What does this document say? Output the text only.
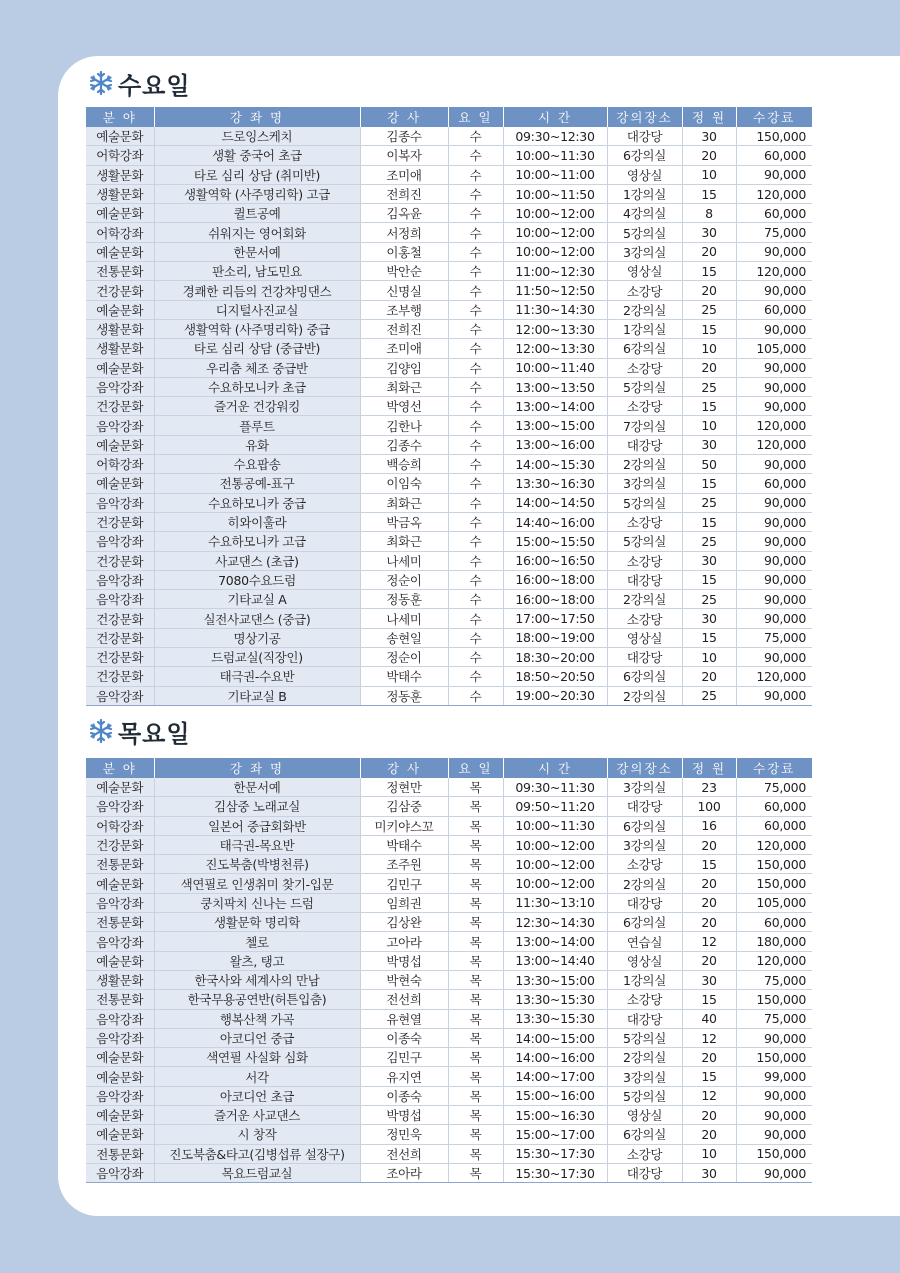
수요일
분 야	강 좌 명	강 사	요 일	시 간	강의장소	정 원	수강료
예술문화	드로잉스케치	김종수	수	09:30~12:30	대강당	30	150,000
어학강좌	생활 중국어 초급	이복자	수	10:00~11:30	6강의실	20	60,000
생활문화	타로 심리 상담 (취미반)	조미애	수	10:00~11:00	영상실	10	90,000
생활문화	생활역학 (사주명리학) 고급	전희진	수	10:00~11:50	1강의실	15	120,000
예술문화	퀼트공예	김옥윤	수	10:00~12:00	4강의실	8	60,000
어학강좌	쉬워지는 영어회화	서정희	수	10:00~12:00	5강의실	30	75,000
예술문화	한문서예	이홍철	수	10:00~12:00	3강의실	20	90,000
전통문화	판소리, 남도민요	박안순	수	11:00~12:30	영상실	15	120,000
건강문화	경쾌한 리듬의 건강챠밍댄스	신명실	수	11:50~12:50	소강당	20	90,000
예술문화	디지털사진교실	조부행	수	11:30~14:30	2강의실	25	60,000
생활문화	생활역학 (사주명리학) 중급	전희진	수	12:00~13:30	1강의실	15	90,000
생활문화	타로 심리 상담 (중급반)	조미애	수	12:00~13:30	6강의실	10	105,000
예술문화	우리춤 체조 중급반	김양임	수	10:00~11:40	소강당	20	90,000
음악강좌	수요하모니카 초급	최화근	수	13:00~13:50	5강의실	25	90,000
건강문화	즐거운 건강워킹	박영선	수	13:00~14:00	소강당	15	90,000
음악강좌	플루트	김한나	수	13:00~15:00	7강의실	10	120,000
예술문화	유화	김종수	수	13:00~16:00	대강당	30	120,000
어학강좌	수요팝송	백승희	수	14:00~15:30	2강의실	50	90,000
예술문화	전통공예-표구	이임숙	수	13:30~16:30	3강의실	15	60,000
음악강좌	수요하모니카 중급	최화근	수	14:00~14:50	5강의실	25	90,000
건강문화	히와이훌라	박금옥	수	14:40~16:00	소강당	15	90,000
음악강좌	수요하모니카 고급	최화근	수	15:00~15:50	5강의실	25	90,000
건강문화	사교댄스 (초급)	나세미	수	16:00~16:50	소강당	30	90,000
음악강좌	7080수요드럼	정순이	수	16:00~18:00	대강당	15	90,000
음악강좌	기타교실 A	정동훈	수	16:00~18:00	2강의실	25	90,000
건강문화	실전사교댄스 (중급)	나세미	수	17:00~17:50	소강당	30	90,000
건강문화	명상기공	송현일	수	18:00~19:00	영상실	15	75,000
건강문화	드럼교실(직장인)	정순이	수	18:30~20:00	대강당	10	90,000
건강문화	태극권-수요반	박태수	수	18:50~20:50	6강의실	20	120,000
음악강좌	기타교실 B	정동훈	수	19:00~20:30	2강의실	25	90,000
목요일
분 야	강 좌 명	강 사	요 일	시 간	강의장소	정 원	수강료
예술문화	한문서예	정현만	목	09:30~11:30	3강의실	23	75,000
음악강좌	김삼중 노래교실	김삼중	목	09:50~11:20	대강당	100	60,000
어학강좌	일본어 중급회화반	미키야스꼬	목	10:00~11:30	6강의실	16	60,000
건강문화	태극권-목요반	박태수	목	10:00~12:00	3강의실	20	120,000
전통문화	진도북춤(박병천류)	조주원	목	10:00~12:00	소강당	15	150,000
예술문화	색연필로 인생취미 찾기-입문	김민구	목	10:00~12:00	2강의실	20	150,000
음악강좌	쿵치팍치 신나는 드럼	임희권	목	11:30~13:10	대강당	20	105,000
전통문화	생활문학 명리학	김상완	목	12:30~14:30	6강의실	20	60,000
음악강좌	첼로	고아라	목	13:00~14:00	연습실	12	180,000
예술문화	왈츠, 탱고	박명섭	목	13:00~14:40	영상실	20	120,000
생활문화	한국사와 세계사의 만남	박현숙	목	13:30~15:00	1강의실	30	75,000
전통문화	한국무용공연반(허튼입춤)	전선희	목	13:30~15:30	소강당	15	150,000
음악강좌	행복산책 가곡	유현열	목	13:30~15:30	대강당	40	75,000
음악강좌	아코디언 중급	이종숙	목	14:00~15:00	5강의실	12	90,000
예술문화	색연필 사실화 심화	김민구	목	14:00~16:00	2강의실	20	150,000
예술문화	서각	유지연	목	14:00~17:00	3강의실	15	99,000
음악강좌	아코디언 초급	이종숙	목	15:00~16:00	5강의실	12	90,000
예술문화	즐거운 사교댄스	박명섭	목	15:00~16:30	영상실	20	90,000
예술문화	시 창작	정민욱	목	15:00~17:00	6강의실	20	90,000
전통문화	진도북춤&타고(김병섭류 설장구)	전선희	목	15:30~17:30	소강당	10	150,000
음악강좌	목요드럼교실	조아라	목	15:30~17:30	대강당	30	90,000
